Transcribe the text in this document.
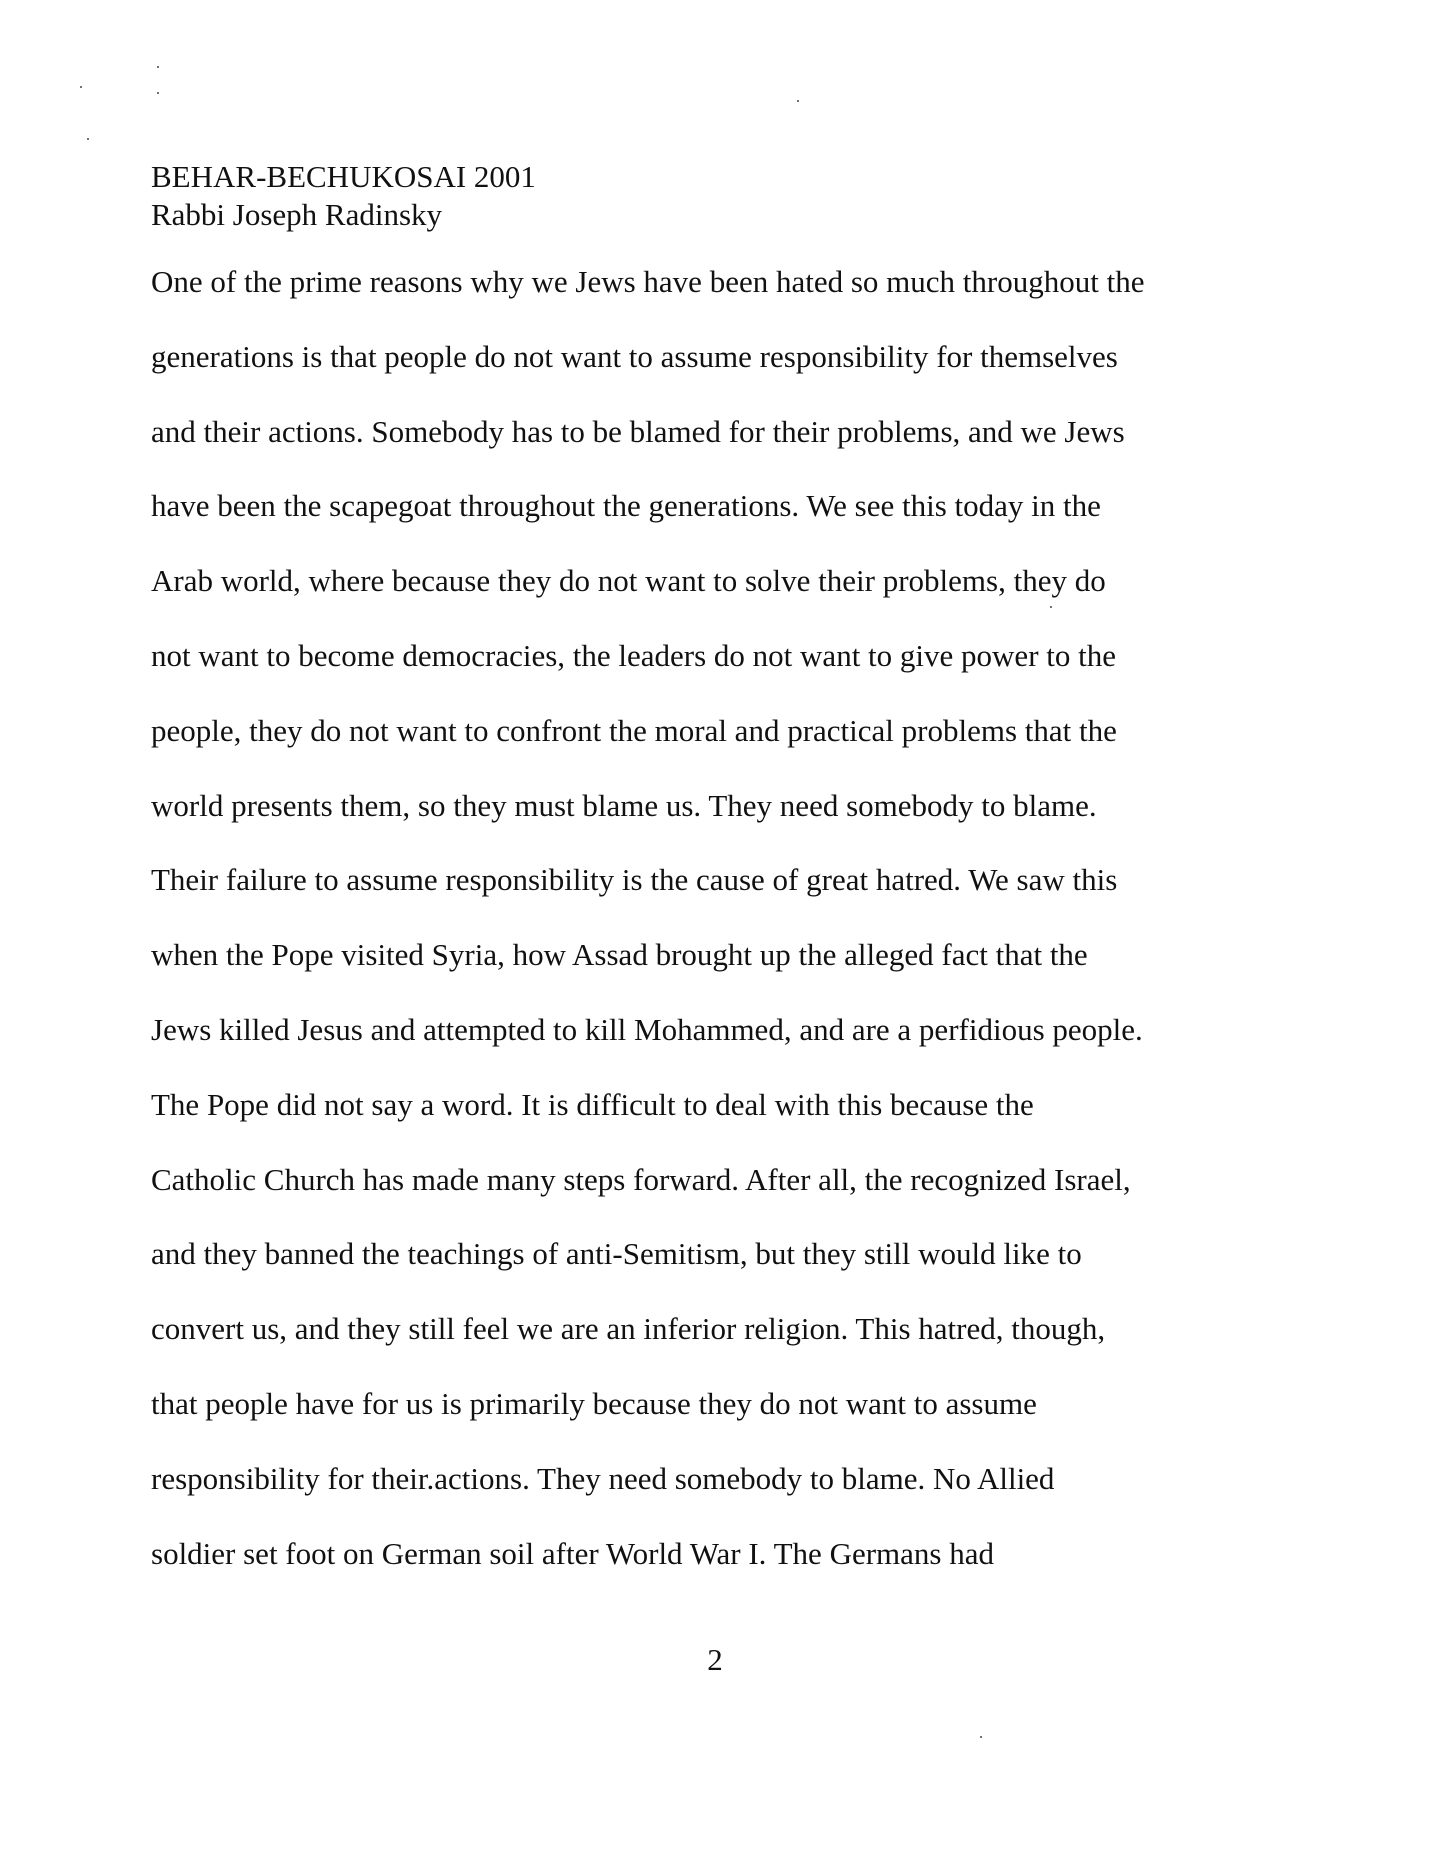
BEHAR-BECHUKOSAI 2001
Rabbi Joseph Radinsky
One of the prime reasons why we Jews have been hated so much throughout the
generations is that people do not want to assume responsibility for themselves
and their actions. Somebody has to be blamed for their problems, and we Jews
have been the scapegoat throughout the generations. We see this today in the
Arab world, where because they do not want to solve their problems, they do
not want to become democracies, the leaders do not want to give power to the
people, they do not want to confront the moral and practical problems that the
world presents them, so they must blame us. They need somebody to blame.
Their failure to assume responsibility is the cause of great hatred. We saw this
when the Pope visited Syria, how Assad brought up the alleged fact that the
Jews killed Jesus and attempted to kill Mohammed, and are a perfidious people.
The Pope did not say a word. It is difficult to deal with this because the
Catholic Church has made many steps forward. After all, the recognized Israel,
and they banned the teachings of anti-Semitism, but they still would like to
convert us, and they still feel we are an inferior religion. This hatred, though,
that people have for us is primarily because they do not want to assume
responsibility for their.actions. They need somebody to blame. No Allied
soldier set foot on German soil after World War I. The Germans had
2
